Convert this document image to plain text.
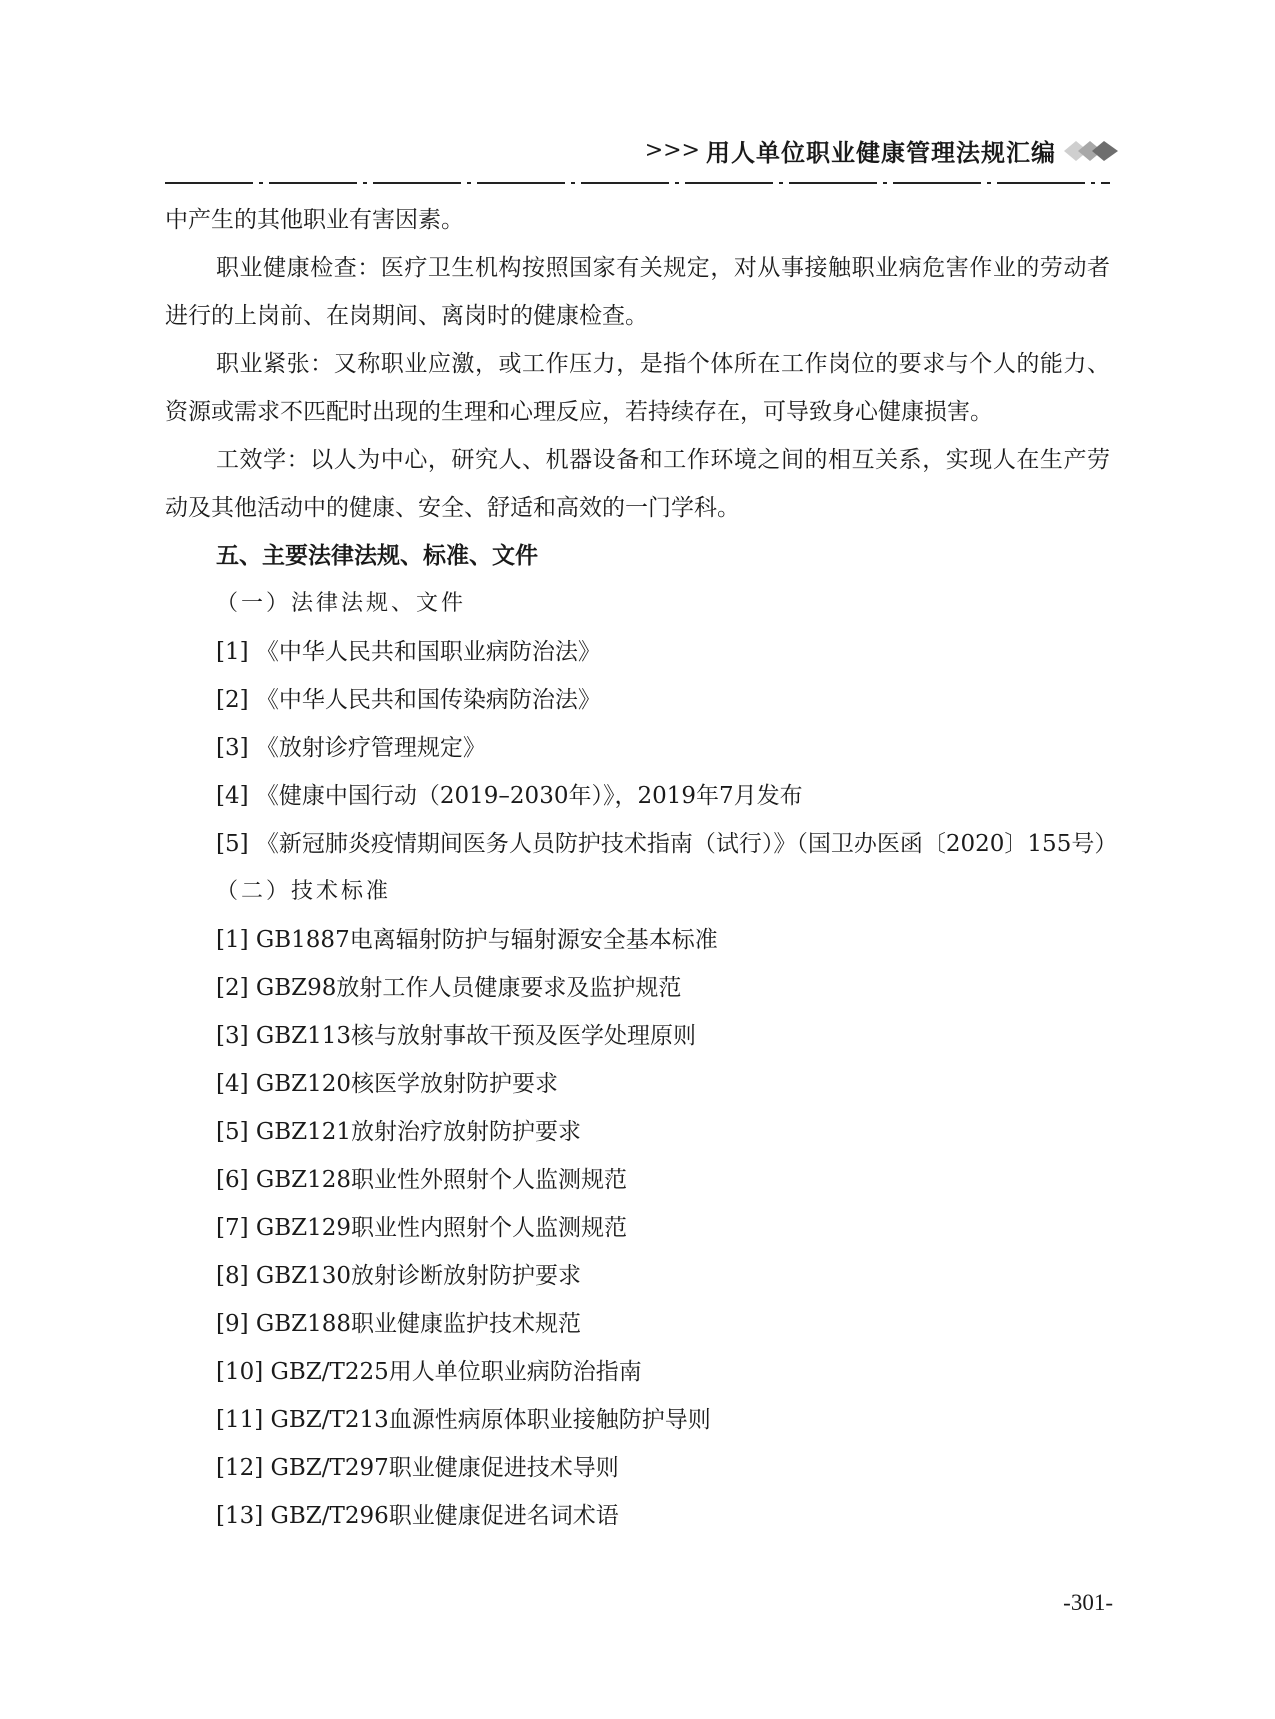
>>> 用人单位职业健康管理法规汇编

中产生的其他职业有害因素。

职业健康检查：医疗卫生机构按照国家有关规定，对从事接触职业病危害作业的劳动者进行的上岗前、在岗期间、离岗时的健康检查。

职业紧张：又称职业应激，或工作压力，是指个体所在工作岗位的要求与个人的能力、资源或需求不匹配时出现的生理和心理反应，若持续存在，可导致身心健康损害。

工效学：以人为中心，研究人、机器设备和工作环境之间的相互关系，实现人在生产劳动及其他活动中的健康、安全、舒适和高效的一门学科。

五、主要法律法规、标准、文件

（一）法律法规、文件

[1] 《中华人民共和国职业病防治法》

[2] 《中华人民共和国传染病防治法》

[3] 《放射诊疗管理规定》

[4] 《健康中国行动（2019–2030年）》，2019年7月发布

[5] 《新冠肺炎疫情期间医务人员防护技术指南（试行）》（国卫办医函〔2020〕155号）

（二）技术标准

[1] GB1887电离辐射防护与辐射源安全基本标准

[2] GBZ98放射工作人员健康要求及监护规范

[3] GBZ113核与放射事故干预及医学处理原则

[4] GBZ120核医学放射防护要求

[5] GBZ121放射治疗放射防护要求

[6] GBZ128职业性外照射个人监测规范

[7] GBZ129职业性内照射个人监测规范

[8] GBZ130放射诊断放射防护要求

[9] GBZ188职业健康监护技术规范

[10] GBZ/T225用人单位职业病防治指南

[11] GBZ/T213血源性病原体职业接触防护导则

[12] GBZ/T297职业健康促进技术导则

[13] GBZ/T296职业健康促进名词术语

-301-
